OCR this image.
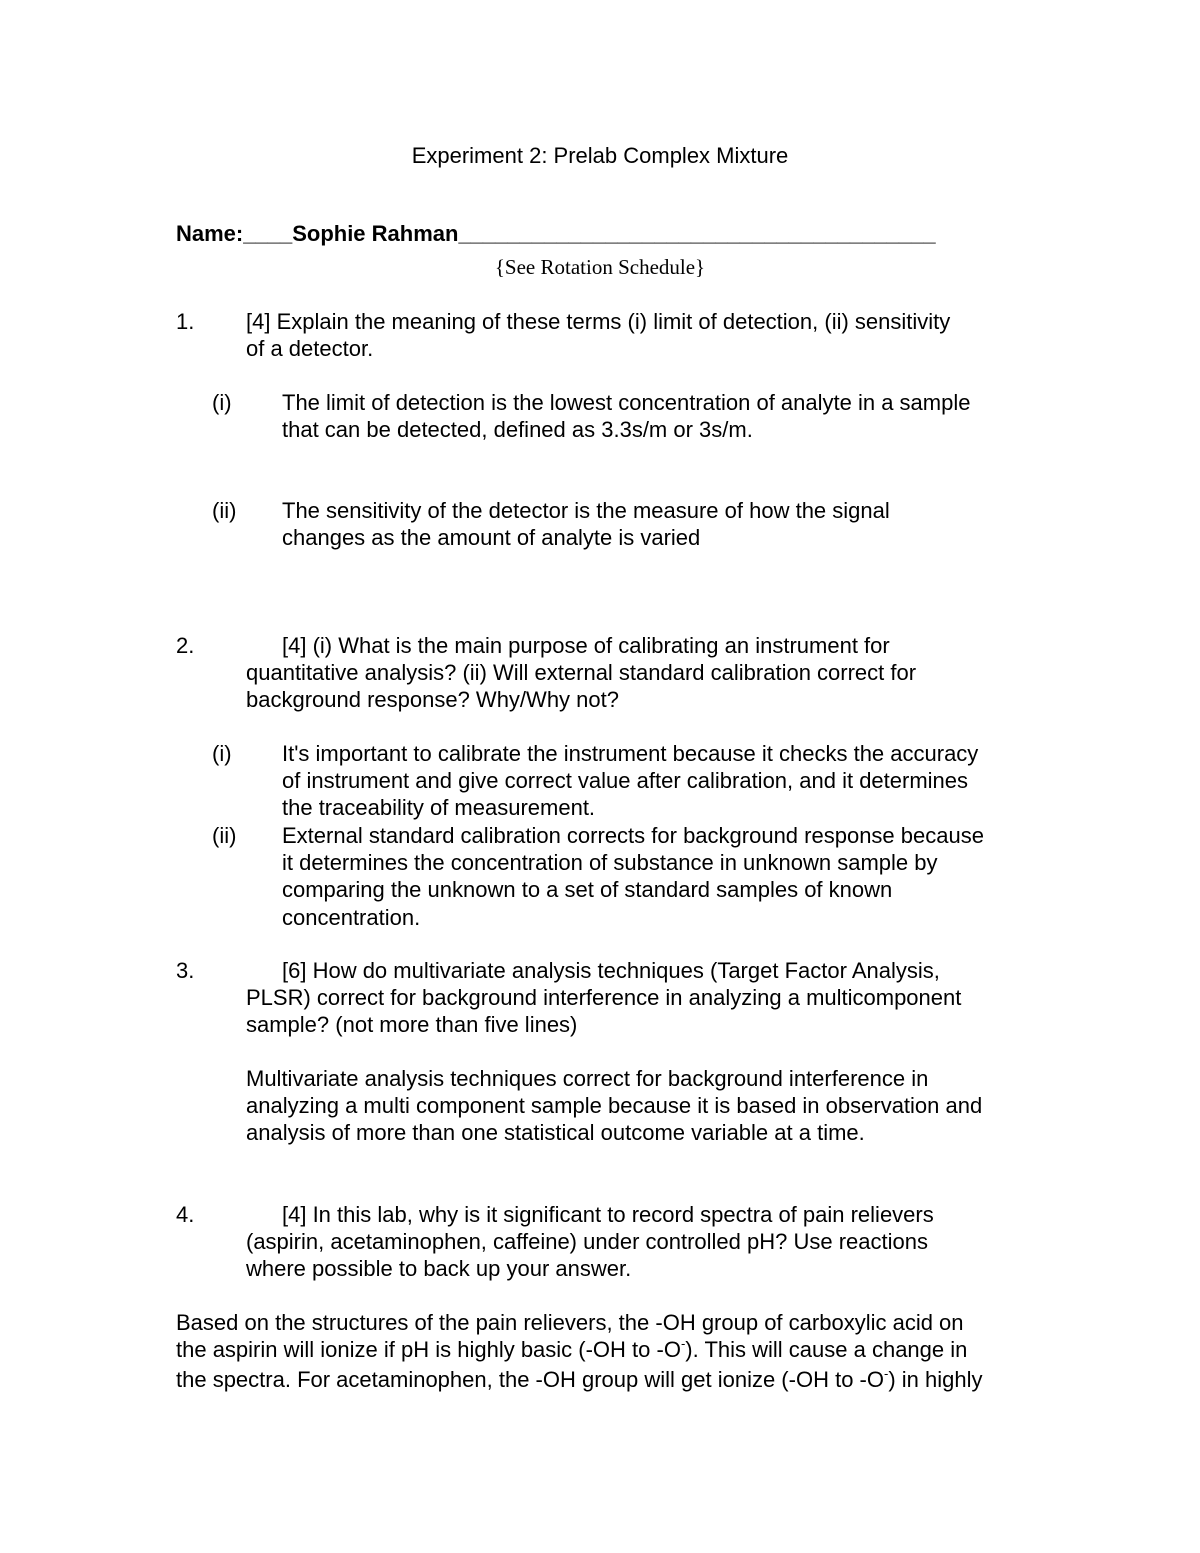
Experiment 2: Prelab Complex Mixture
Name:____Sophie Rahman_______________________________________
{See Rotation Schedule}
1. [4] Explain the meaning of these terms (i) limit of detection, (ii) sensitivity
of a detector.
(i) The limit of detection is the lowest concentration of analyte in a sample
that can be detected, defined as 3.3s/m or 3s/m.
(ii) The sensitivity of the detector is the measure of how the signal
changes as the amount of analyte is varied
2.	[4] (i) What is the main purpose of calibrating an instrument for
quantitative analysis? (ii) Will external standard calibration correct for
background response? Why/Why not?
(i) It's important to calibrate the instrument because it checks the accuracy
of instrument and give correct value after calibration, and it determines
the traceability of measurement.
(ii) External standard calibration corrects for background response because
it determines the concentration of substance in unknown sample by
comparing the unknown to a set of standard samples of known
concentration.
3.	[6] How do multivariate analysis techniques (Target Factor Analysis,
PLSR) correct for background interference in analyzing a multicomponent
sample? (not more than five lines)
Multivariate analysis techniques correct for background interference in
analyzing a multi component sample because it is based in observation and
analysis of more than one statistical outcome variable at a time.
4.	[4] In this lab, why is it significant to record spectra of pain relievers
(aspirin, acetaminophen, caffeine) under controlled pH? Use reactions
where possible to back up your answer.
Based on the structures of the pain relievers, the -OH group of carboxylic acid on
the aspirin will ionize if pH is highly basic (-OH to -O-). This will cause a change in
the spectra. For acetaminophen, the -OH group will get ionize (-OH to -O-) in highly
